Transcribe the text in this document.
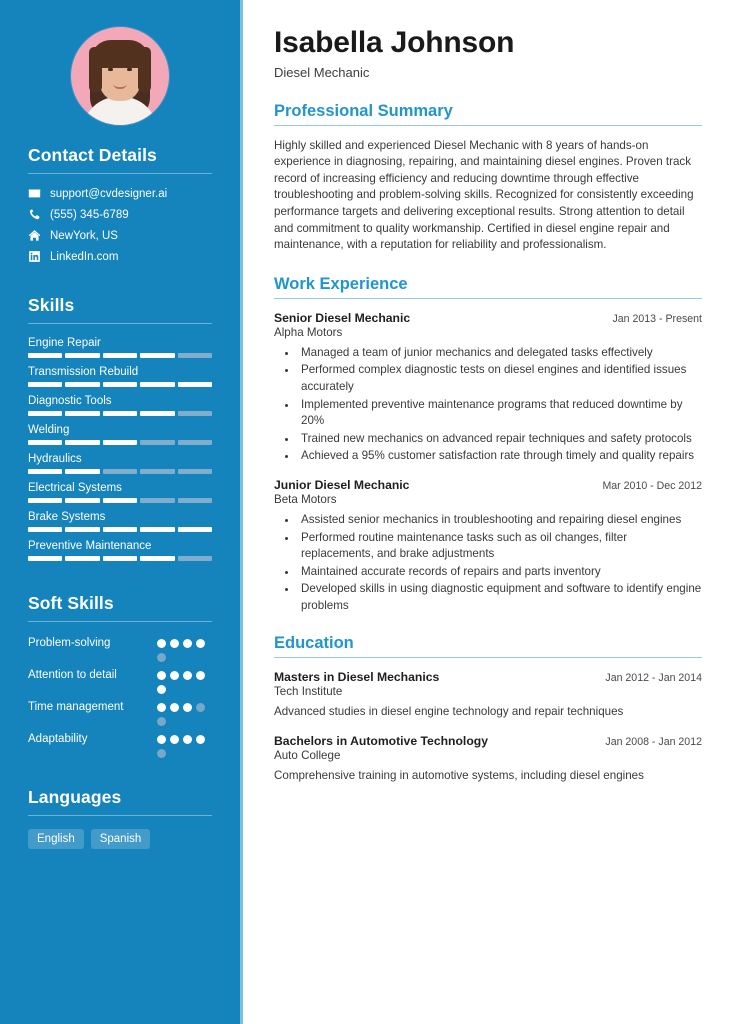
Contact Details
support@cvdesigner.ai
(555) 345-6789
NewYork, US
LinkedIn.com
Skills
Engine Repair
Transmission Rebuild
Diagnostic Tools
Welding
Hydraulics
Electrical Systems
Brake Systems
Preventive Maintenance
Soft Skills
Problem-solving
Attention to detail
Time management
Adaptability
Languages
English	Spanish
Isabella Johnson
Diesel Mechanic
Professional Summary

Highly skilled and experienced Diesel Mechanic with 8 years of hands-on experience in diagnosing, repairing, and maintaining diesel engines. Proven track record of increasing efficiency and reducing downtime through effective troubleshooting and problem-solving skills. Recognized for consistently exceeding performance targets and delivering exceptional results. Strong attention to detail and commitment to quality workmanship. Certified in diesel engine repair and maintenance, with a reputation for reliability and professionalism.

Work Experience
Senior Diesel Mechanic	Jan 2013 - Present
Alpha Motors
• Managed a team of junior mechanics and delegated tasks effectively
• Performed complex diagnostic tests on diesel engines and identified issues accurately
• Implemented preventive maintenance programs that reduced downtime by 20%
• Trained new mechanics on advanced repair techniques and safety protocols
• Achieved a 95% customer satisfaction rate through timely and quality repairs
Junior Diesel Mechanic	Mar 2010 - Dec 2012
Beta Motors
• Assisted senior mechanics in troubleshooting and repairing diesel engines
• Performed routine maintenance tasks such as oil changes, filter replacements, and brake adjustments
• Maintained accurate records of repairs and parts inventory
• Developed skills in using diagnostic equipment and software to identify engine problems
Education
Masters in Diesel Mechanics	Jan 2012 - Jan 2014
Tech Institute
Advanced studies in diesel engine technology and repair techniques
Bachelors in Automotive Technology	Jan 2008 - Jan 2012
Auto College
Comprehensive training in automotive systems, including diesel engines
